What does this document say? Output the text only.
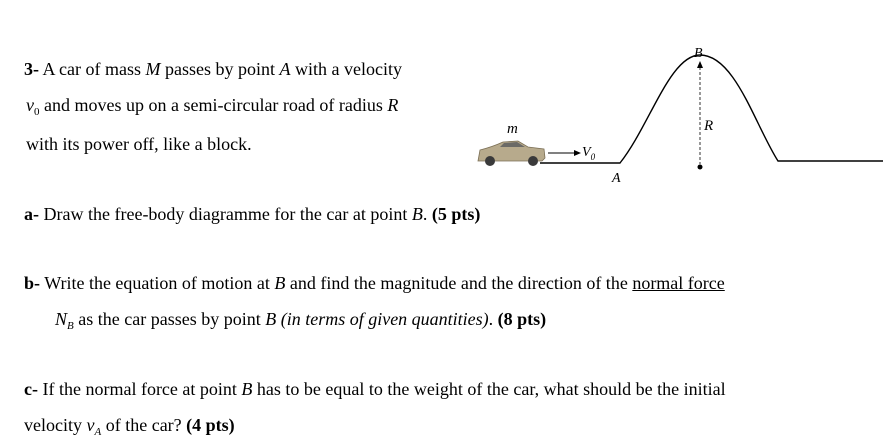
3- A car of mass M passes by point A with a velocity
$v_0$ and moves up on a semi-circular road of radius R
with its power off, like a block.
m
$V_0$
A
B
R
a- Draw the free-body diagramme for the car at point B. (5 pts)
b- Write the equation of motion at B and find the magnitude and the direction of the normal force
$N_B$ as the car passes by point B (in terms of given quantities). (8 pts)
c- If the normal force at point B has to be equal to the weight of the car, what should be the initial
velocity $v_A$ of the car? (4 pts)
